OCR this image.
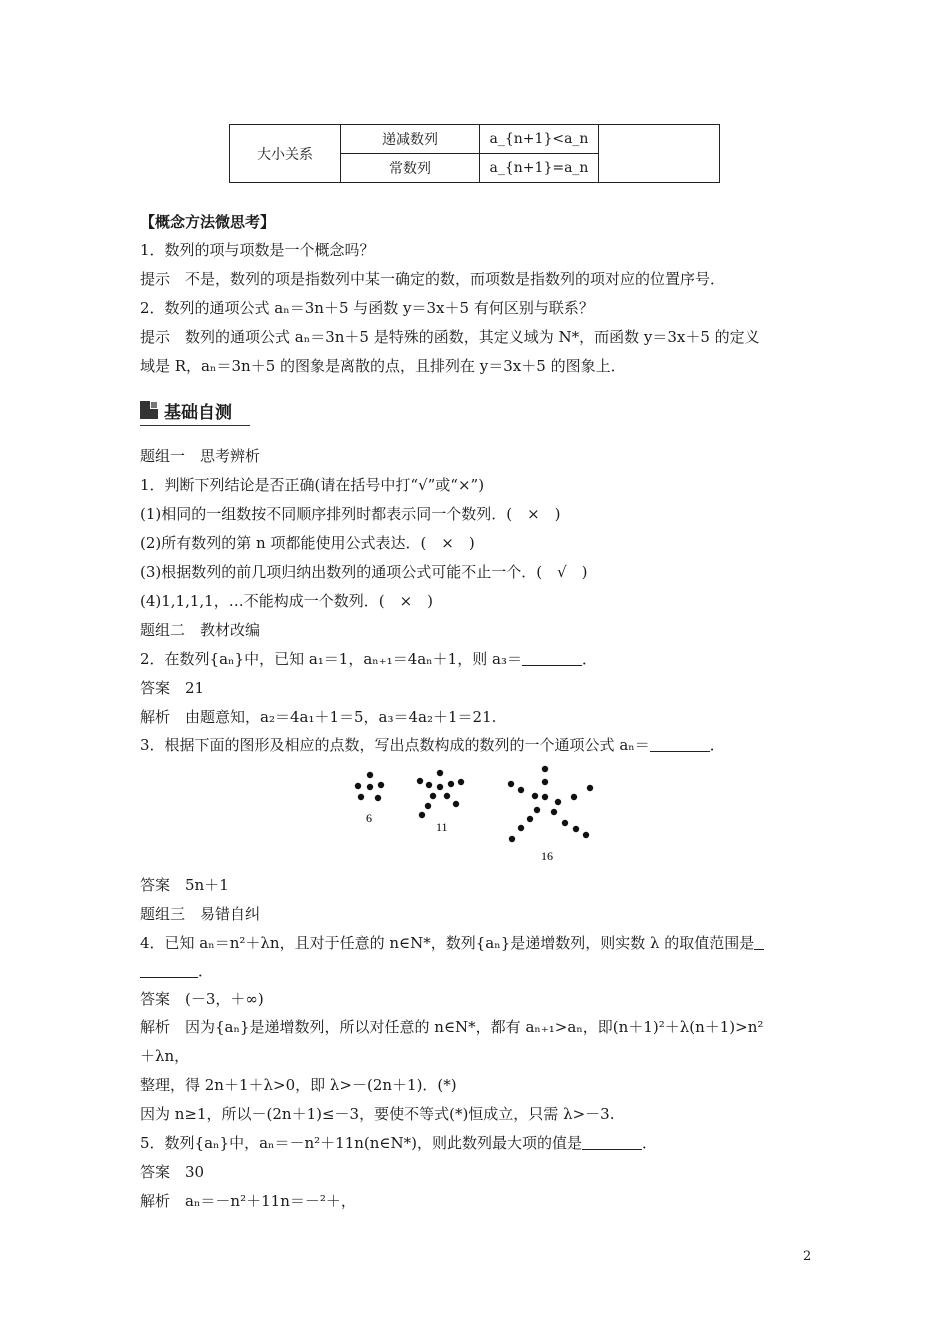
大小关系	递减数列	a_{n+1}<a_n	
	常数列	a_{n+1}=a_n	
【概念方法微思考】
1．数列的项与项数是一个概念吗？
提示　不是，数列的项是指数列中某一确定的数，而项数是指数列的项对应的位置序号．
2．数列的通项公式 aₙ＝3n＋5 与函数 y＝3x＋5 有何区别与联系？
提示　数列的通项公式 aₙ＝3n＋5 是特殊的函数，其定义域为 N*，而函数 y＝3x＋5 的定义
域是 R，aₙ＝3n＋5 的图象是离散的点，且排列在 y＝3x＋5 的图象上．
基础自测
题组一　思考辨析
1．判断下列结论是否正确(请在括号中打“√”或“×”)
(1)相同的一组数按不同顺序排列时都表示同一个数列．(　×　)
(2)所有数列的第 n 项都能使用公式表达．(　×　)
(3)根据数列的前几项归纳出数列的通项公式可能不止一个．(　√　)
(4)1,1,1,1，…不能构成一个数列．(　×　)
题组二　教材改编
2．在数列{aₙ}中，已知 a₁＝1，aₙ₊₁＝4aₙ＋1，则 a₃＝	．
答案　21
解析　由题意知，a₂＝4a₁＋1＝5，a₃＝4a₂＋1＝21.
3．根据下面的图形及相应的点数，写出点数构成的数列的一个通项公式 aₙ＝	．
6
11
16
答案　5n＋1
题组三　易错自纠
4．已知 aₙ＝n²＋λn，且对于任意的 n∈N*，数列{aₙ}是递增数列，则实数 λ 的取值范围是
．
答案　(－3，＋∞)
解析　因为{aₙ}是递增数列，所以对任意的 n∈N*，都有 aₙ₊₁>aₙ，即(n＋1)²＋λ(n＋1)>n²
＋λn，
整理，得 2n＋1＋λ>0，即 λ>－(2n＋1)．(*)
因为 n≥1，所以－(2n＋1)≤－3，要使不等式(*)恒成立，只需 λ>－3.
5．数列{aₙ}中，aₙ＝－n²＋11n(n∈N*)，则此数列最大项的值是	．
答案　30
解析　aₙ＝－n²＋11n＝－²＋，
2
